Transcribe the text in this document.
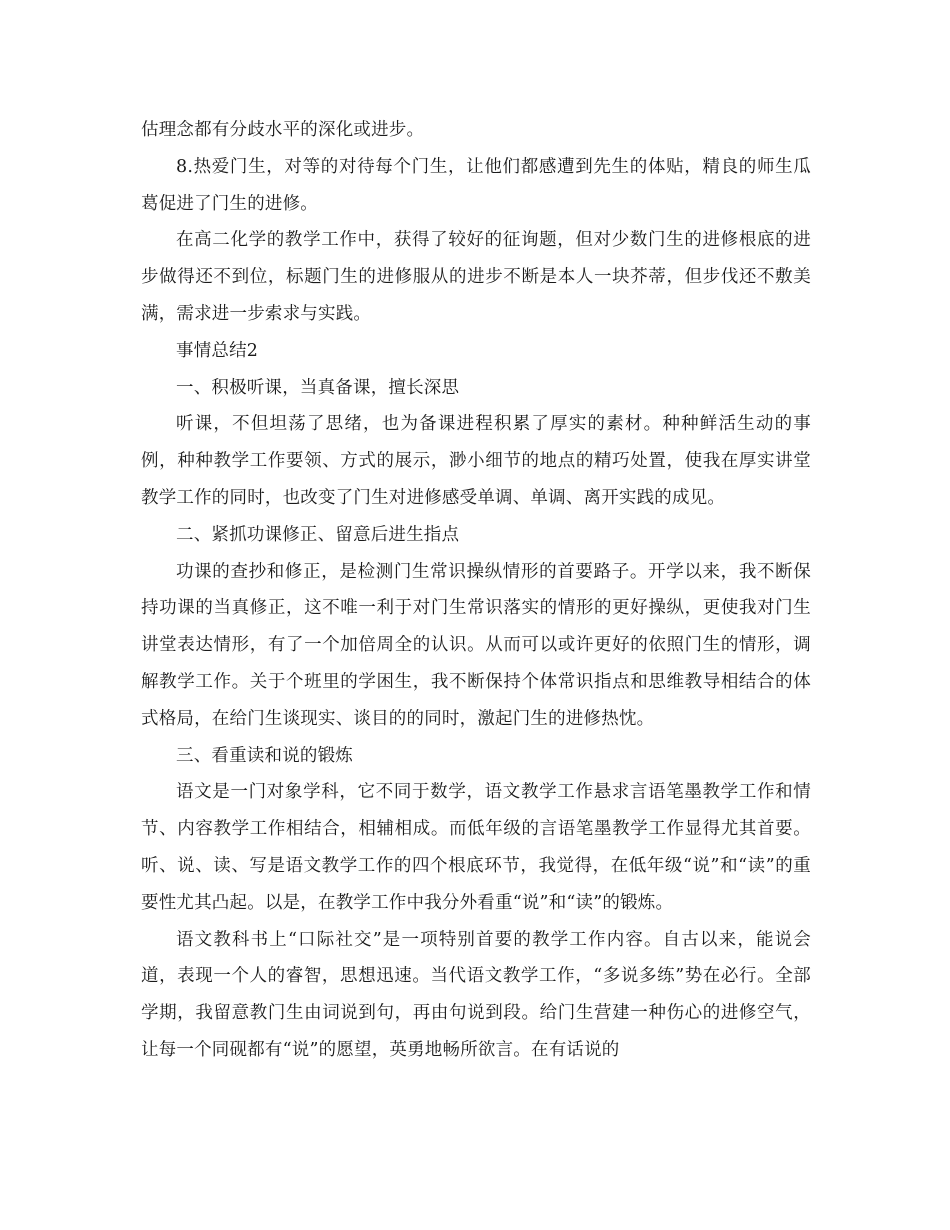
估理念都有分歧水平的深化或进步。

8.热爱门生，对等的对待每个门生，让他们都感遭到先生的体贴，精良的师生瓜葛促进了门生的进修。

在高二化学的教学工作中，获得了较好的征询题，但对少数门生的进修根底的进步做得还不到位，标题门生的进修服从的进步不断是本人一块芥蒂，但步伐还不敷美满，需求进一步索求与实践。

事情总结2

一、积极听课，当真备课，擅长深思

听课，不但坦荡了思绪，也为备课进程积累了厚实的素材。种种鲜活生动的事例，种种教学工作要领、方式的展示，渺小细节的地点的精巧处置，使我在厚实讲堂教学工作的同时，也改变了门生对进修感受单调、单调、离开实践的成见。

二、紧抓功课修正、留意后进生指点

功课的查抄和修正，是检测门生常识操纵情形的首要路子。开学以来，我不断保持功课的当真修正，这不唯一利于对门生常识落实的情形的更好操纵，更使我对门生讲堂表达情形，有了一个加倍周全的认识。从而可以或许更好的依照门生的情形，调解教学工作。关于个班里的学困生，我不断保持个体常识指点和思维教导相结合的体式格局，在给门生谈现实、谈目的的同时，激起门生的进修热忱。

三、看重读和说的锻炼

语文是一门对象学科，它不同于数学，语文教学工作悬求言语笔墨教学工作和情节、内容教学工作相结合，相辅相成。而低年级的言语笔墨教学工作显得尤其首要。听、说、读、写是语文教学工作的四个根底环节，我觉得，在低年级“说”和“读”的重要性尤其凸起。以是，在教学工作中我分外看重“说”和“读”的锻炼。

语文教科书上“口际社交”是一项特别首要的教学工作内容。自古以来，能说会道，表现一个人的睿智，思想迅速。当代语文教学工作，“多说多练”势在必行。全部学期，我留意教门生由词说到句，再由句说到段。给门生营建一种伤心的进修空气，让每一个同砚都有“说”的愿望，英勇地畅所欲言。在有话说的
